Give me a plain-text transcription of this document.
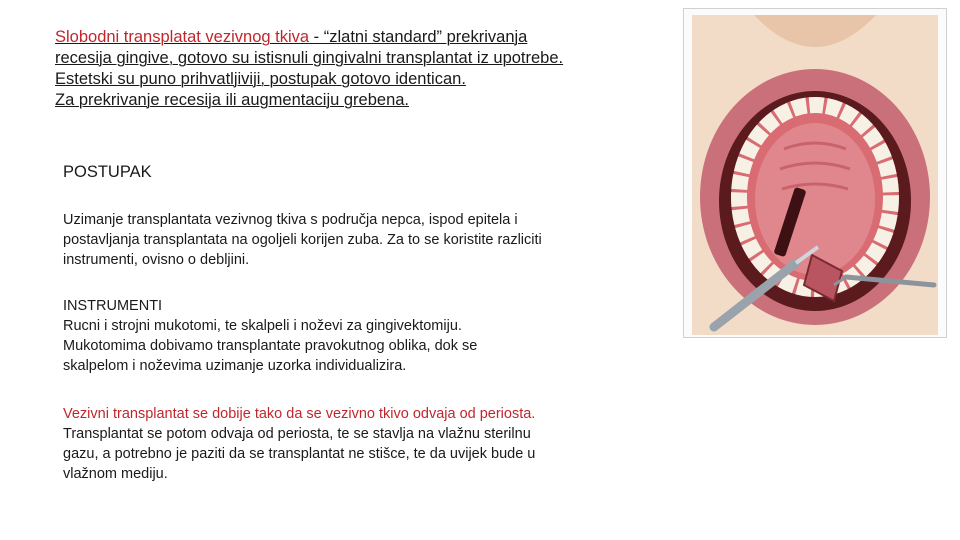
Slobodni transplatat vezivnog tkiva - “zlatni standard” prekrivanja
recesija gingive, gotovo su istisnuli gingivalni transplantat iz upotrebe.
Estetski su puno prihvatljiviji, postupak gotovo identican.
Za prekrivanje recesija ili augmentaciju grebena.
POSTUPAK
Uzimanje transplantata vezivnog tkiva s područja nepca, ispod epitela i
postavljanja transplantata na ogoljeli korijen zuba. Za to se koristite razliciti
instrumenti, ovisno o debljini.
INSTRUMENTI
Rucni i strojni mukotomi, te skalpeli i noževi za gingivektomiju.
Mukotomima dobivamo transplantate pravokutnog oblika, dok se
skalpelom i noževima uzimanje uzorka individualizira.
Vezivni transplantat se dobije tako da se vezivno tkivo odvaja od periosta.
Transplantat se potom odvaja od periosta, te se stavlja na vlažnu sterilnu
gazu, a potrebno je paziti da se transplantat ne stišce, te da uvijek bude u
vlažnom mediju.
